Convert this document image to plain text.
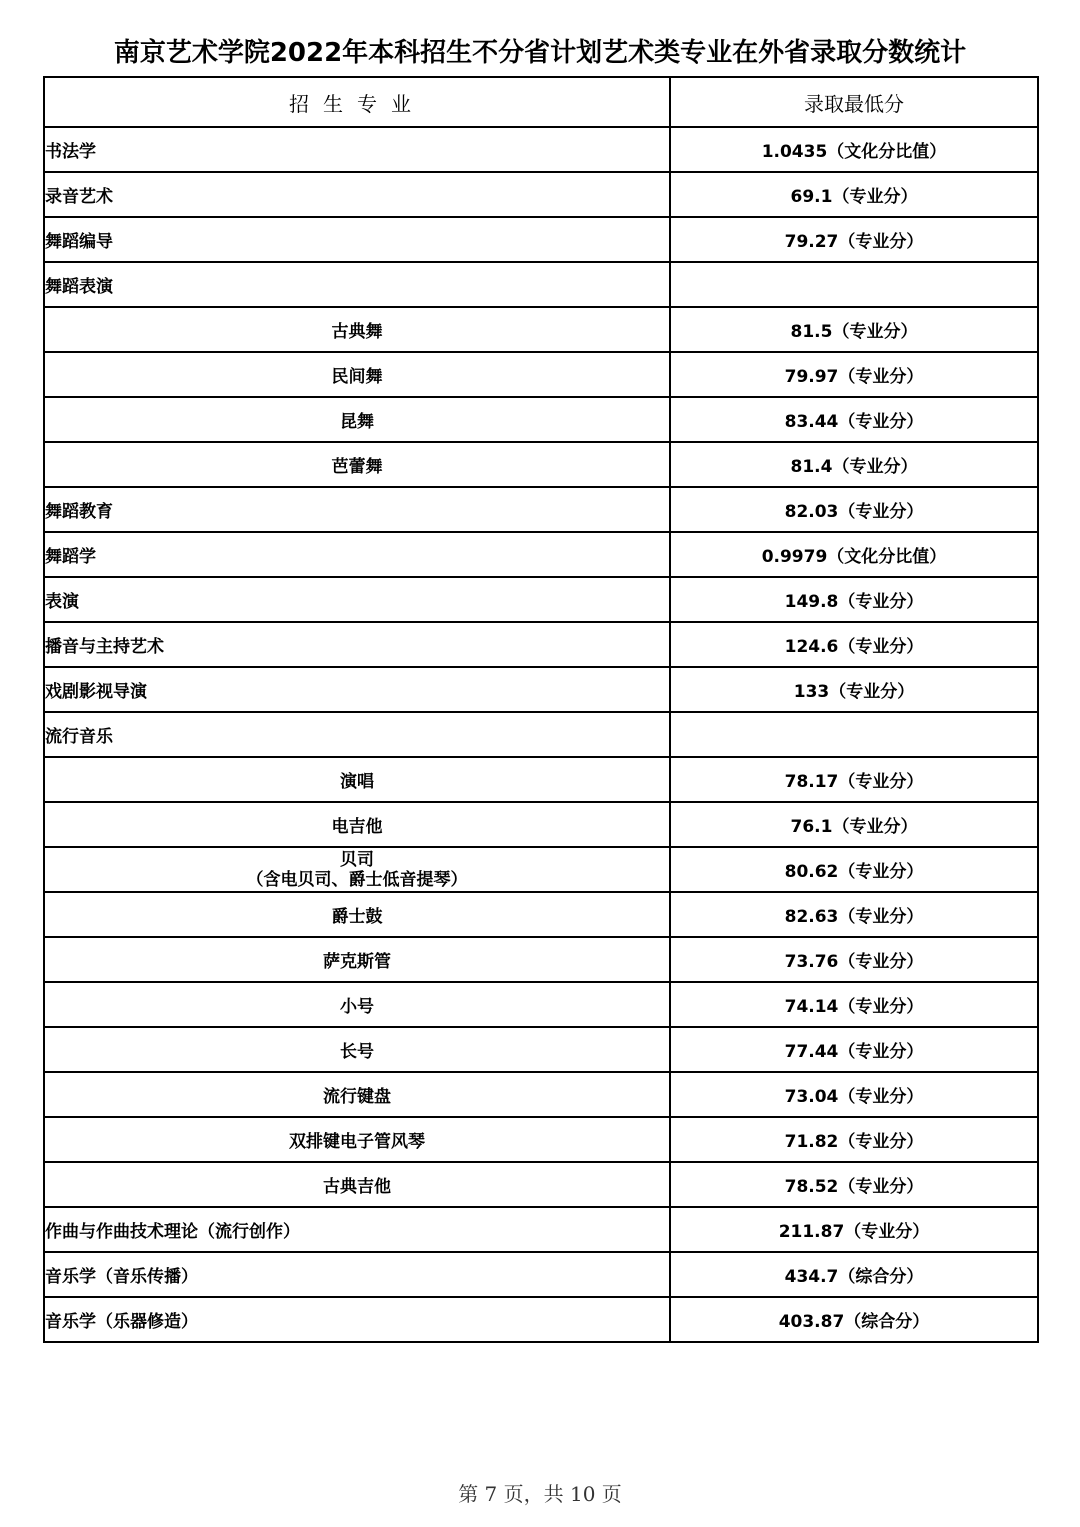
南京艺术学院2022年本科招生不分省计划艺术类专业在外省录取分数统计
招生专业	录取最低分
书法学	1.0435（文化分比值）
录音艺术	69.1（专业分）
舞蹈编导	79.27（专业分）
舞蹈表演	
古典舞	81.5（专业分）
民间舞	79.97（专业分）
昆舞	83.44（专业分）
芭蕾舞	81.4（专业分）
舞蹈教育	82.03（专业分）
舞蹈学	0.9979（文化分比值）
表演	149.8（专业分）
播音与主持艺术	124.6（专业分）
戏剧影视导演	133（专业分）
流行音乐	
演唱	78.17（专业分）
电吉他	76.1（专业分）

贝司
（含电贝司、爵士低音提琴）	80.62（专业分）
爵士鼓	82.63（专业分）
萨克斯管	73.76（专业分）
小号	74.14（专业分）
长号	77.44（专业分）
流行键盘	73.04（专业分）
双排键电子管风琴	71.82（专业分）
古典吉他	78.52（专业分）
作曲与作曲技术理论（流行创作）	211.87（专业分）
音乐学（音乐传播）	434.7（综合分）
音乐学（乐器修造）	403.87（综合分）
第 7 页，共 10 页
